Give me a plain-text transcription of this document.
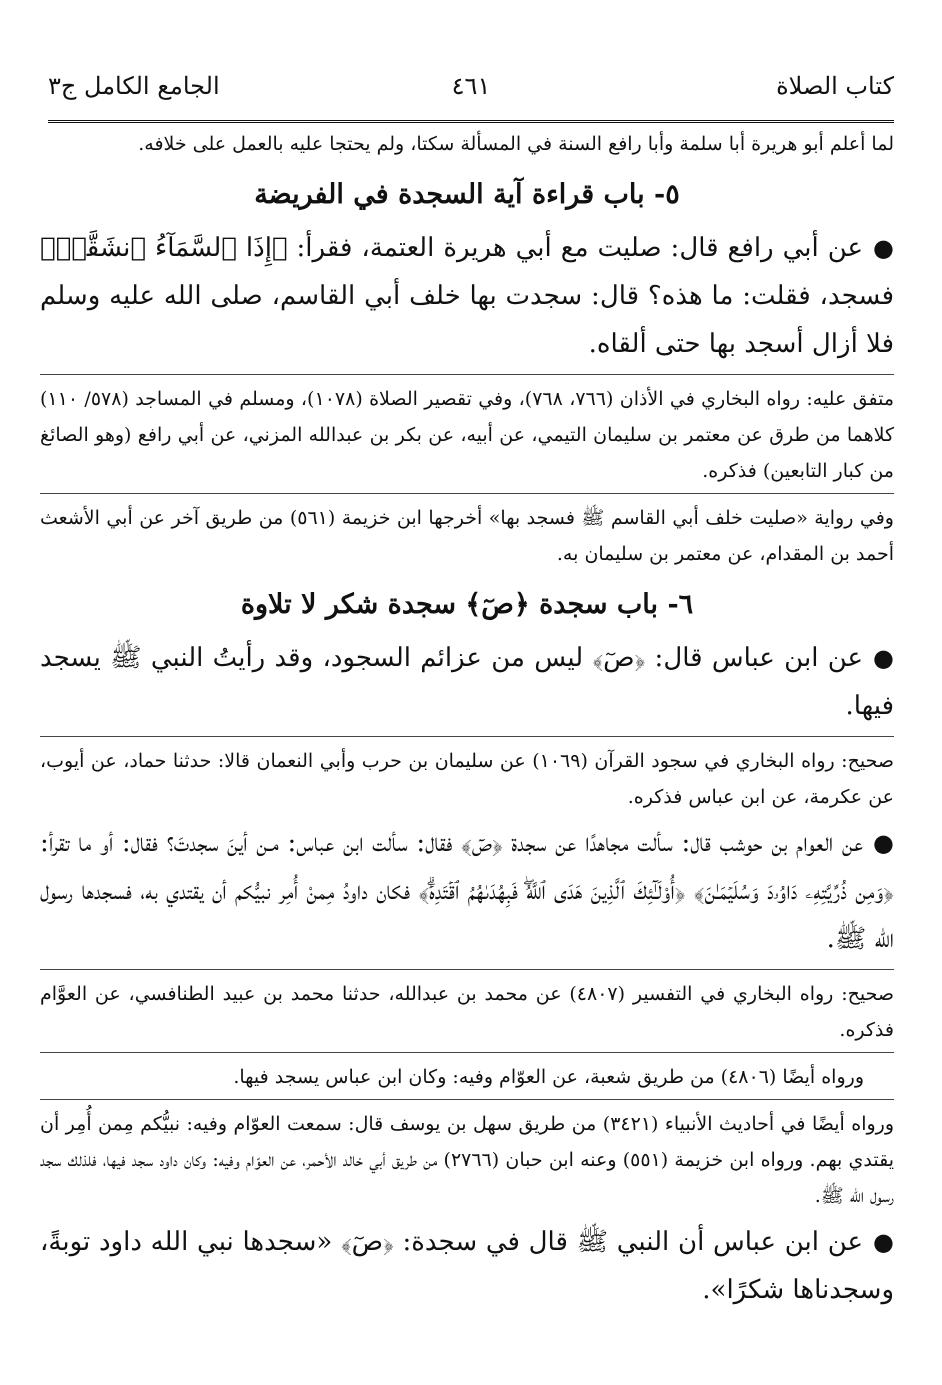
كتاب الصلاة
٤٦١
الجامع الكامل ج٣

لما أعلم أبو هريرة أبا سلمة وأبا رافع السنة في المسألة سكتا، ولم يحتجا عليه بالعمل على خلافه.

٥- باب قراءة آية السجدة في الفريضة

●عن أبي رافع قال: صليت مع أبي هريرة العتمة، فقرأ: ﴿إِذَا ٱلسَّمَآءُ ٱنشَقَّتۡ﴾ فسجد، فقلت: ما هذه؟ قال: سجدت بها خلف أبي القاسم، صلى الله عليه وسلم فلا أزال أسجد بها حتى ألقاه.

متفق عليه: رواه البخاري في الأذان (٧٦٦، ٧٦٨)، وفي تقصير الصلاة (١٠٧٨)، ومسلم في المساجد (٥٧٨/ ١١٠) كلاهما من طرق عن معتمر بن سليمان التيمي، عن أبيه، عن بكر بن عبدالله المزني، عن أبي رافع (وهو الصائغ من كبار التابعين) فذكره.

وفي رواية «صليت خلف أبي القاسم ﷺ فسجد بها» أخرجها ابن خزيمة (٥٦١) من طريق آخر عن أبي الأشعث أحمد بن المقدام، عن معتمر بن سليمان به.

٦- باب سجدة ﴿صٓ﴾ سجدة شكر لا تلاوة

●عن ابن عباس قال: ﴿صٓ﴾ ليس من عزائم السجود، وقد رأيتُ النبي ﷺ يسجد فيها.

صحيح: رواه البخاري في سجود القرآن (١٠٦٩) عن سليمان بن حرب وأبي النعمان قالا: حدثنا حماد، عن أيوب، عن عكرمة، عن ابن عباس فذكره.

●عن العوام بن حوشب قال: سألت مجاهدًا عن سجدة ﴿صٓ﴾ فقال: سألت ابن عباس: مـن أينَ سجدتَ؟ فقال: أو ما تقرأ: ﴿وَمِن ذُرِّيَّتِهِۦ دَاوُۥدَ وَسُلَيۡمَـٰنَ﴾ ﴿أُوْلَـٰٓئِكَ ٱلَّذِينَ هَدَى ٱللَّهُۖ فَبِهُدَىٰهُمُ ٱقۡتَدِهۡۗ﴾ فكان داودُ مِمنْ أُمِر نبيُّكم أن يقتدي به، فسجدها رسول الله ﷺ.

صحيح: رواه البخاري في التفسير (٤٨٠٧) عن محمد بن عبدالله، حدثنا محمد بن عبيد الطنافسي، عن العوَّام فذكره.

ورواه أيضًا (٤٨٠٦) من طريق شعبة، عن العوّام وفيه: وكان ابن عباس يسجد فيها.

ورواه أيضًا في أحاديث الأنبياء (٣٤٢١) من طريق سهل بن يوسف قال: سمعت العوّام وفيه: نبيُّكم مِمن أُمِر أن يقتدي بهم. ورواه ابن خزيمة (٥٥١) وعنه ابن حبان (٢٧٦٦) من طريق أبي خالد الأحمر، عن العوّام وفيه: وكان داود سجد فيها، فلذلك سجد رسول الله ﷺ.

●عن ابن عباس أن النبي ﷺ قال في سجدة: ﴿صٓ﴾ «سجدها نبي الله داود توبةً، وسجدناها شكرًا».
